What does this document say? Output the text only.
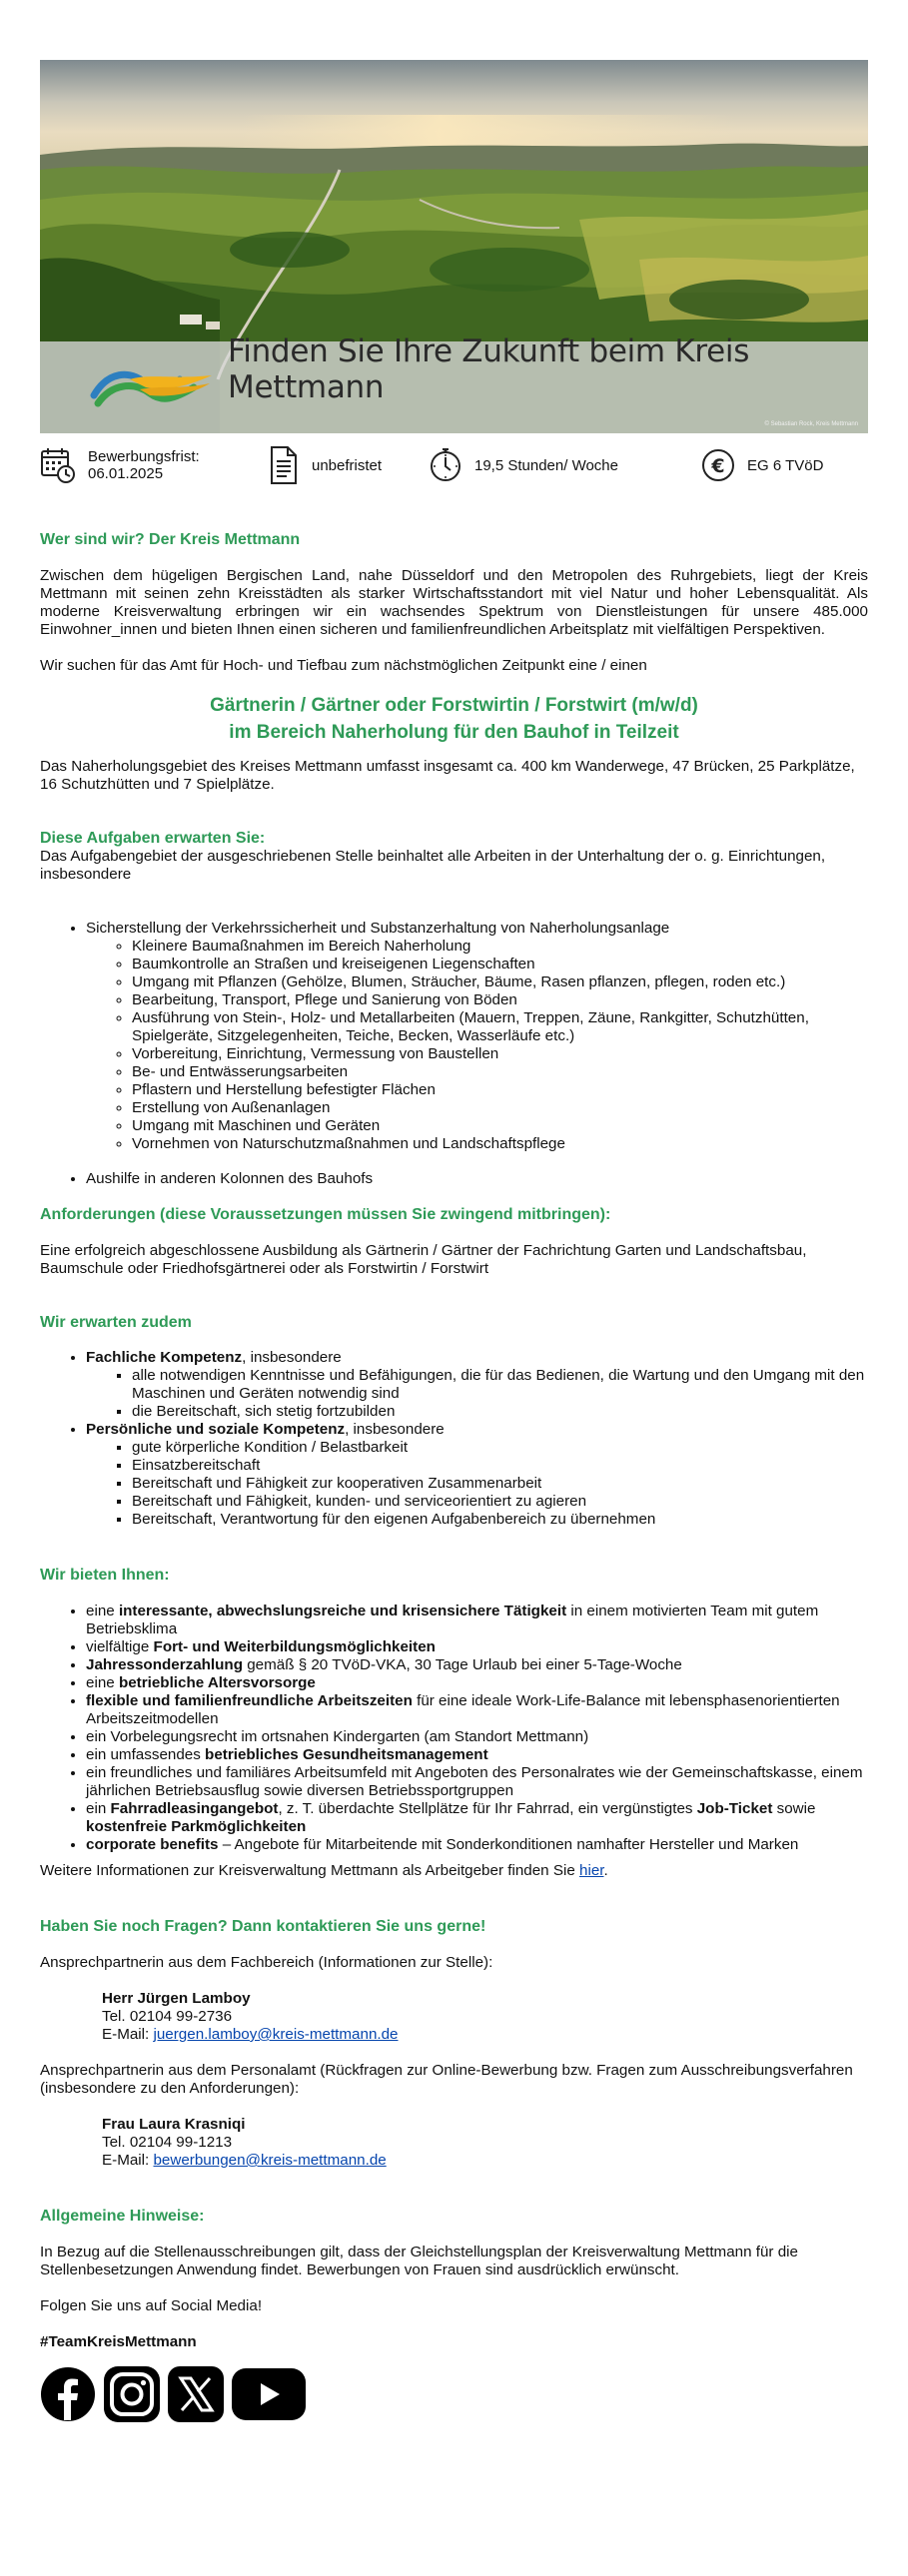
Finden Sie Ihre Zukunft beim Kreis Mettmann
© Sebastian Rock, Kreis Mettmann
Bewerbungsfrist:
06.01.2025	unbefristet	19,5 Stunden/ Woche	€ EG 6 TVöD
Wer sind wir? Der Kreis Mettmann

Zwischen dem hügeligen Bergischen Land, nahe Düsseldorf und den Metropolen des Ruhrgebiets, liegt der Kreis Mettmann mit seinen zehn Kreisstädten als starker Wirtschaftsstandort mit viel Natur und hoher Lebensqualität. Als moderne Kreisverwaltung erbringen wir ein wachsendes Spektrum von Dienstleistungen für unsere 485.000 Einwohner_innen und bieten Ihnen einen sicheren und familienfreundlichen Arbeitsplatz mit vielfältigen Perspektiven.

Wir suchen für das Amt für Hoch- und Tiefbau zum nächstmöglichen Zeitpunkt eine / einen

Gärtnerin / Gärtner oder Forstwirtin / Forstwirt (m/w/d)
im Bereich Naherholung für den Bauhof in Teilzeit

Das Naherholungsgebiet des Kreises Mettmann umfasst insgesamt ca. 400 km Wanderwege, 47 Brücken, 25 Parkplätze, 16 Schutzhütten und 7 Spielplätze.

Diese Aufgaben erwarten Sie:

Das Aufgabengebiet der ausgeschriebenen Stelle beinhaltet alle Arbeiten in der Unterhaltung der o. g. Einrichtungen, insbesondere

• Sicherstellung der Verkehrssicherheit und Substanzerhaltung von Naherholungsanlage
◦ Kleinere Baumaßnahmen im Bereich Naherholung
◦ Baumkontrolle an Straßen und kreiseigenen Liegenschaften
◦ Umgang mit Pflanzen (Gehölze, Blumen, Sträucher, Bäume, Rasen pflanzen, pflegen, roden etc.)
◦ Bearbeitung, Transport, Pflege und Sanierung von Böden
◦ Ausführung von Stein-, Holz- und Metallarbeiten (Mauern, Treppen, Zäune, Rankgitter, Schutzhütten, Spielgeräte, Sitzgelegenheiten, Teiche, Becken, Wasserläufe etc.)
◦ Vorbereitung, Einrichtung, Vermessung von Baustellen
◦ Be- und Entwässerungsarbeiten
◦ Pflastern und Herstellung befestigter Flächen
◦ Erstellung von Außenanlagen
◦ Umgang mit Maschinen und Geräten
◦ Vornehmen von Naturschutzmaßnahmen und Landschaftspflege
• Aushilfe in anderen Kolonnen des Bauhofs
Anforderungen (diese Voraussetzungen müssen Sie zwingend mitbringen):

Eine erfolgreich abgeschlossene Ausbildung als Gärtnerin / Gärtner der Fachrichtung Garten und Landschaftsbau, Baumschule oder Friedhofsgärtnerei oder als Forstwirtin / Forstwirt

Wir erwarten zudem
• Fachliche Kompetenz, insbesondere
▪ alle notwendigen Kenntnisse und Befähigungen, die für das Bedienen, die Wartung und den Umgang mit den Maschinen und Geräten notwendig sind
▪ die Bereitschaft, sich stetig fortzubilden
• Persönliche und soziale Kompetenz, insbesondere
▪ gute körperliche Kondition / Belastbarkeit
▪ Einsatzbereitschaft
▪ Bereitschaft und Fähigkeit zur kooperativen Zusammenarbeit
▪ Bereitschaft und Fähigkeit, kunden- und serviceorientiert zu agieren
▪ Bereitschaft, Verantwortung für den eigenen Aufgabenbereich zu übernehmen
Wir bieten Ihnen:
• eine interessante, abwechslungsreiche und krisensichere Tätigkeit in einem motivierten Team mit gutem Betriebsklima
• vielfältige Fort- und Weiterbildungsmöglichkeiten
• Jahressonderzahlung gemäß § 20 TVöD-VKA, 30 Tage Urlaub bei einer 5-Tage-Woche
• eine betriebliche Altersvorsorge
• flexible und familienfreundliche Arbeitszeiten für eine ideale Work-Life-Balance mit lebensphasenorientierten Arbeitszeitmodellen
• ein Vorbelegungsrecht im ortsnahen Kindergarten (am Standort Mettmann)
• ein umfassendes betriebliches Gesundheitsmanagement
• ein freundliches und familiäres Arbeitsumfeld mit Angeboten des Personalrates wie der Gemeinschaftskasse, einem jährlichen Betriebsausflug sowie diversen Betriebssportgruppen
• ein Fahrradleasingangebot, z. T. überdachte Stellplätze für Ihr Fahrrad, ein vergünstigtes Job-Ticket sowie kostenfreie Parkmöglichkeiten
• corporate benefits – Angebote für Mitarbeitende mit Sonderkonditionen namhafter Hersteller und Marken

Weitere Informationen zur Kreisverwaltung Mettmann als Arbeitgeber finden Sie hier.

Haben Sie noch Fragen? Dann kontaktieren Sie uns gerne!

Ansprechpartnerin aus dem Fachbereich (Informationen zur Stelle):

Herr Jürgen Lamboy
Tel. 02104 99-2736
E-Mail: juergen.lamboy@kreis-mettmann.de

Ansprechpartnerin aus dem Personalamt (Rückfragen zur Online-Bewerbung bzw. Fragen zum Ausschreibungsverfahren (insbesondere zu den Anforderungen):

Frau Laura Krasniqi
Tel. 02104 99-1213
E-Mail: bewerbungen@kreis-mettmann.de
Allgemeine Hinweise:

In Bezug auf die Stellenausschreibungen gilt, dass der Gleichstellungsplan der Kreisverwaltung Mettmann für die Stellenbesetzungen Anwendung findet. Bewerbungen von Frauen sind ausdrücklich erwünscht.

Folgen Sie uns auf Social Media!

#TeamKreisMettmann
